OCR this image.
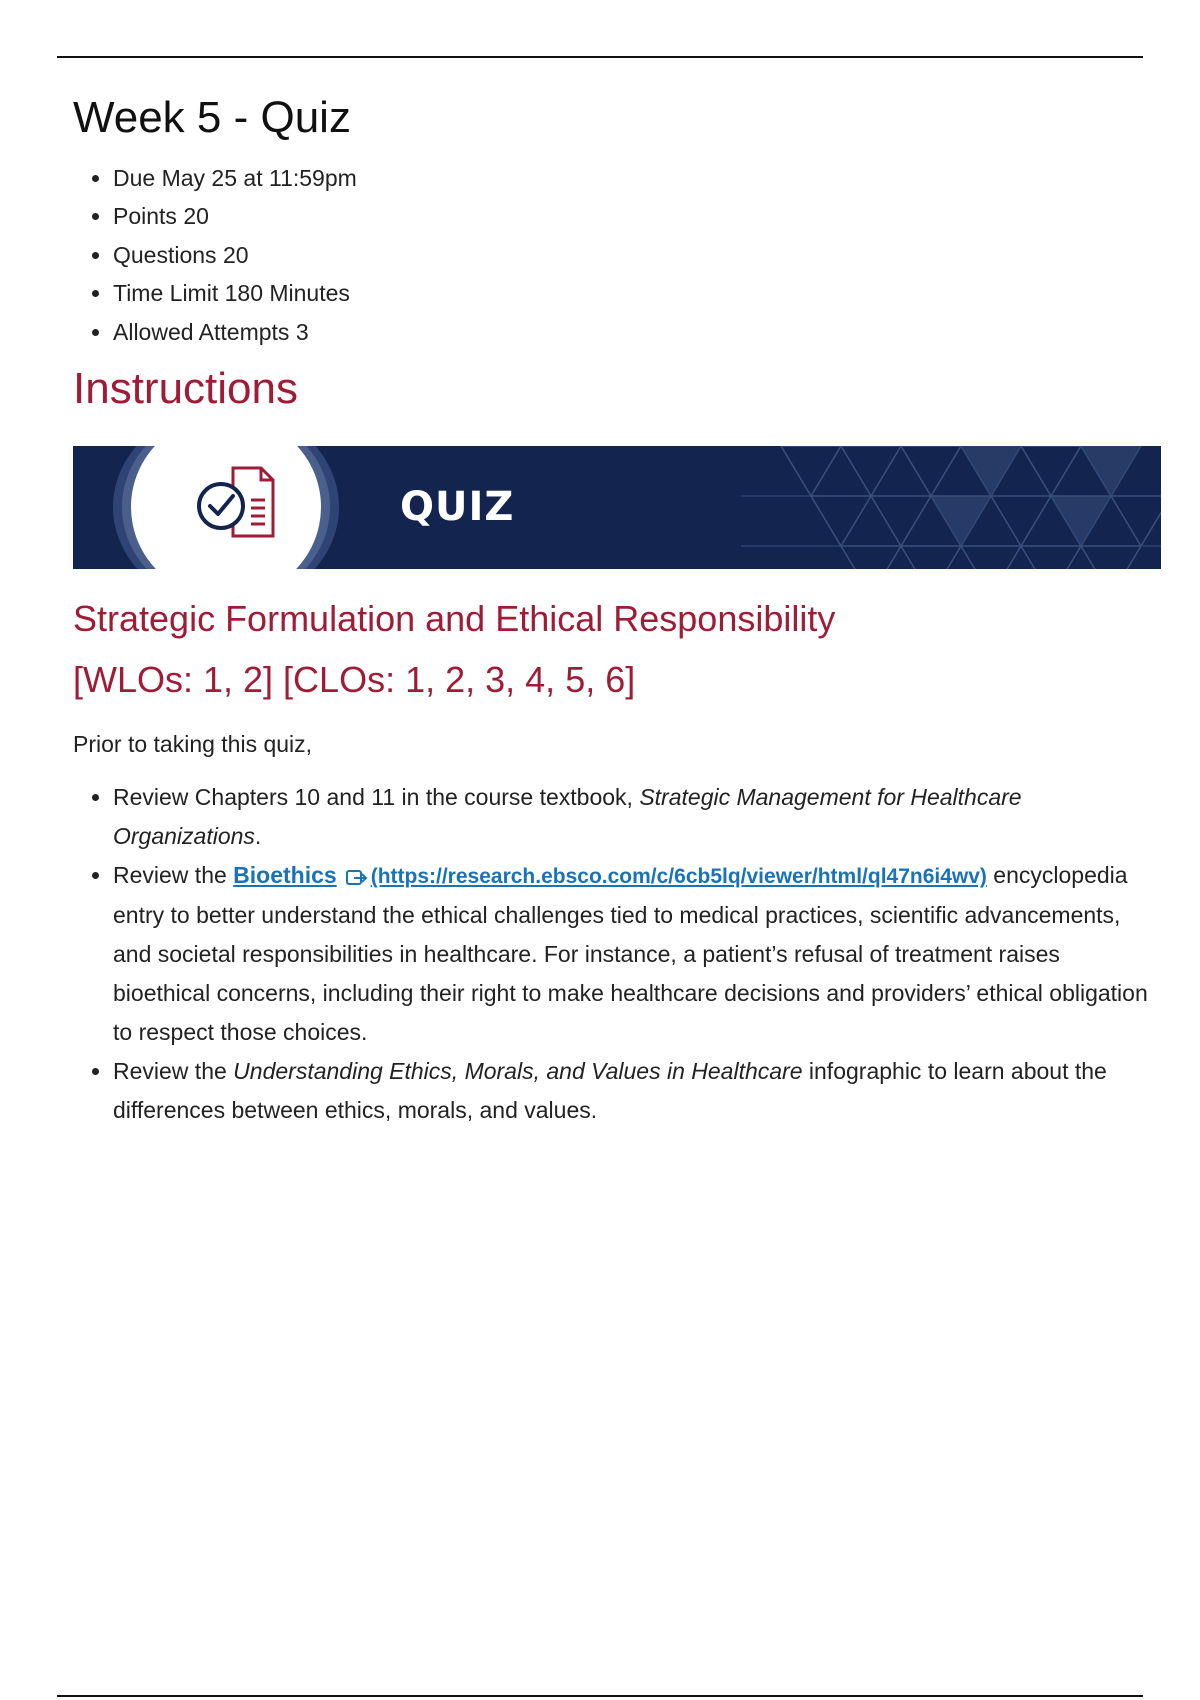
Week 5 - Quiz
• Due May 25 at 11:59pm
• Points 20
• Questions 20
• Time Limit 180 Minutes
• Allowed Attempts 3
Instructions
QUIZ
Strategic Formulation and Ethical Responsibility
[WLOs: 1, 2] [CLOs: 1, 2, 3, 4, 5, 6]

Prior to taking this quiz,

• Review Chapters 10 and 11 in the course textbook, Strategic Management for Healthcare Organizations.
• Review the Bioethics (https://research.ebsco.com/c/6cb5lq/viewer/html/ql47n6i4wv) encyclopedia entry to better understand the ethical challenges tied to medical practices, scientific advancements, and societal responsibilities in healthcare. For instance, a patient’s refusal of treatment raises bioethical concerns, including their right to make healthcare decisions and providers’ ethical obligation to respect those choices.
• Review the Understanding Ethics, Morals, and Values in Healthcare infographic to learn about the differences between ethics, morals, and values.
